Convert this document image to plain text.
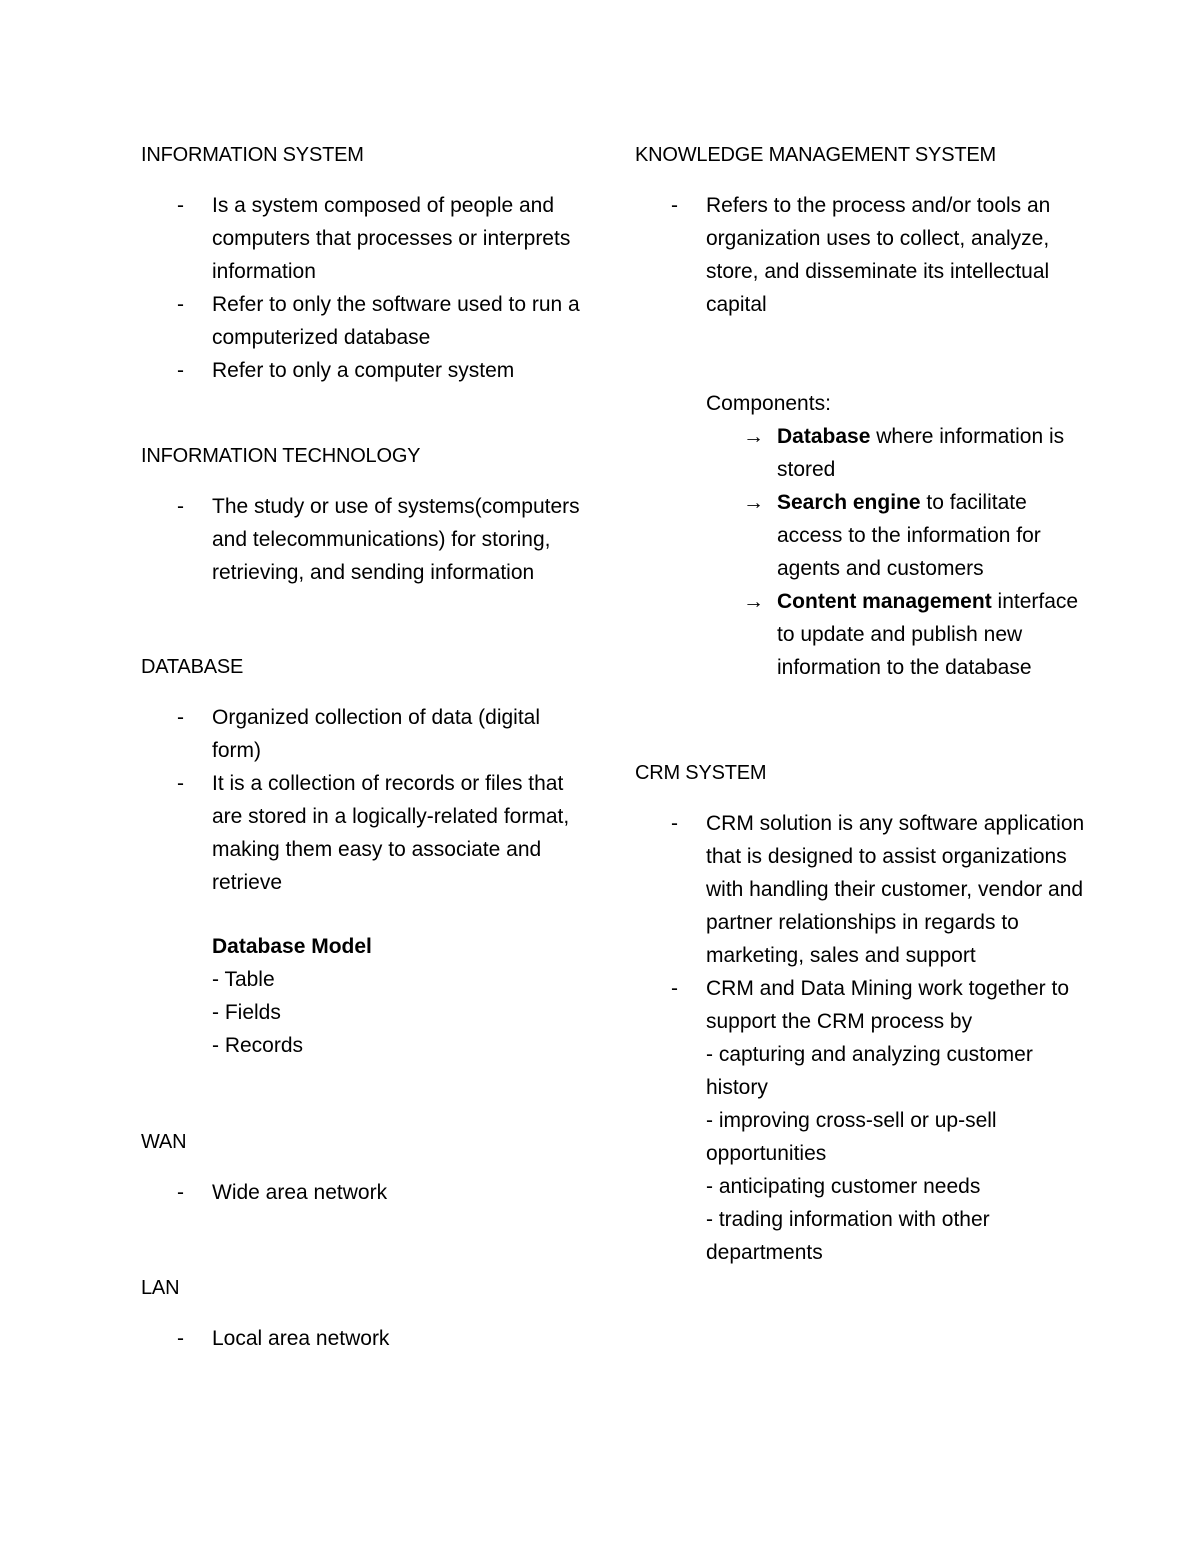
INFORMATION SYSTEM

- Is a system composed of people and computers that processes or interprets information
- Refer to only the software used to run a computerized database
- Refer to only a computer system

INFORMATION TECHNOLOGY

- The study or use of systems(computers and telecommunications) for storing, retrieving, and sending information

DATABASE

- Organized collection of data (digital form)
- It is a collection of records or files that are stored in a logically-related format, making them easy to associate and retrieve
Database Model
- Table
- Fields
- Records

WAN

- Wide area network

LAN

- Local area network

KNOWLEDGE MANAGEMENT SYSTEM

- Refers to the process and/or tools an organization uses to collect, analyze, store, and disseminate its intellectual capital
Components:
→ Database where information is stored
→ Search engine to facilitate access to the information for agents and customers
→ Content management interface to update and publish new information to the database

CRM SYSTEM

- CRM solution is any software application that is designed to assist organizations with handling their customer, vendor and partner relationships in regards to marketing, sales and support
- CRM and Data Mining work together to support the CRM process by
- capturing and analyzing customer history
- improving cross-sell or up-sell opportunities
- anticipating customer needs
- trading information with other departments
